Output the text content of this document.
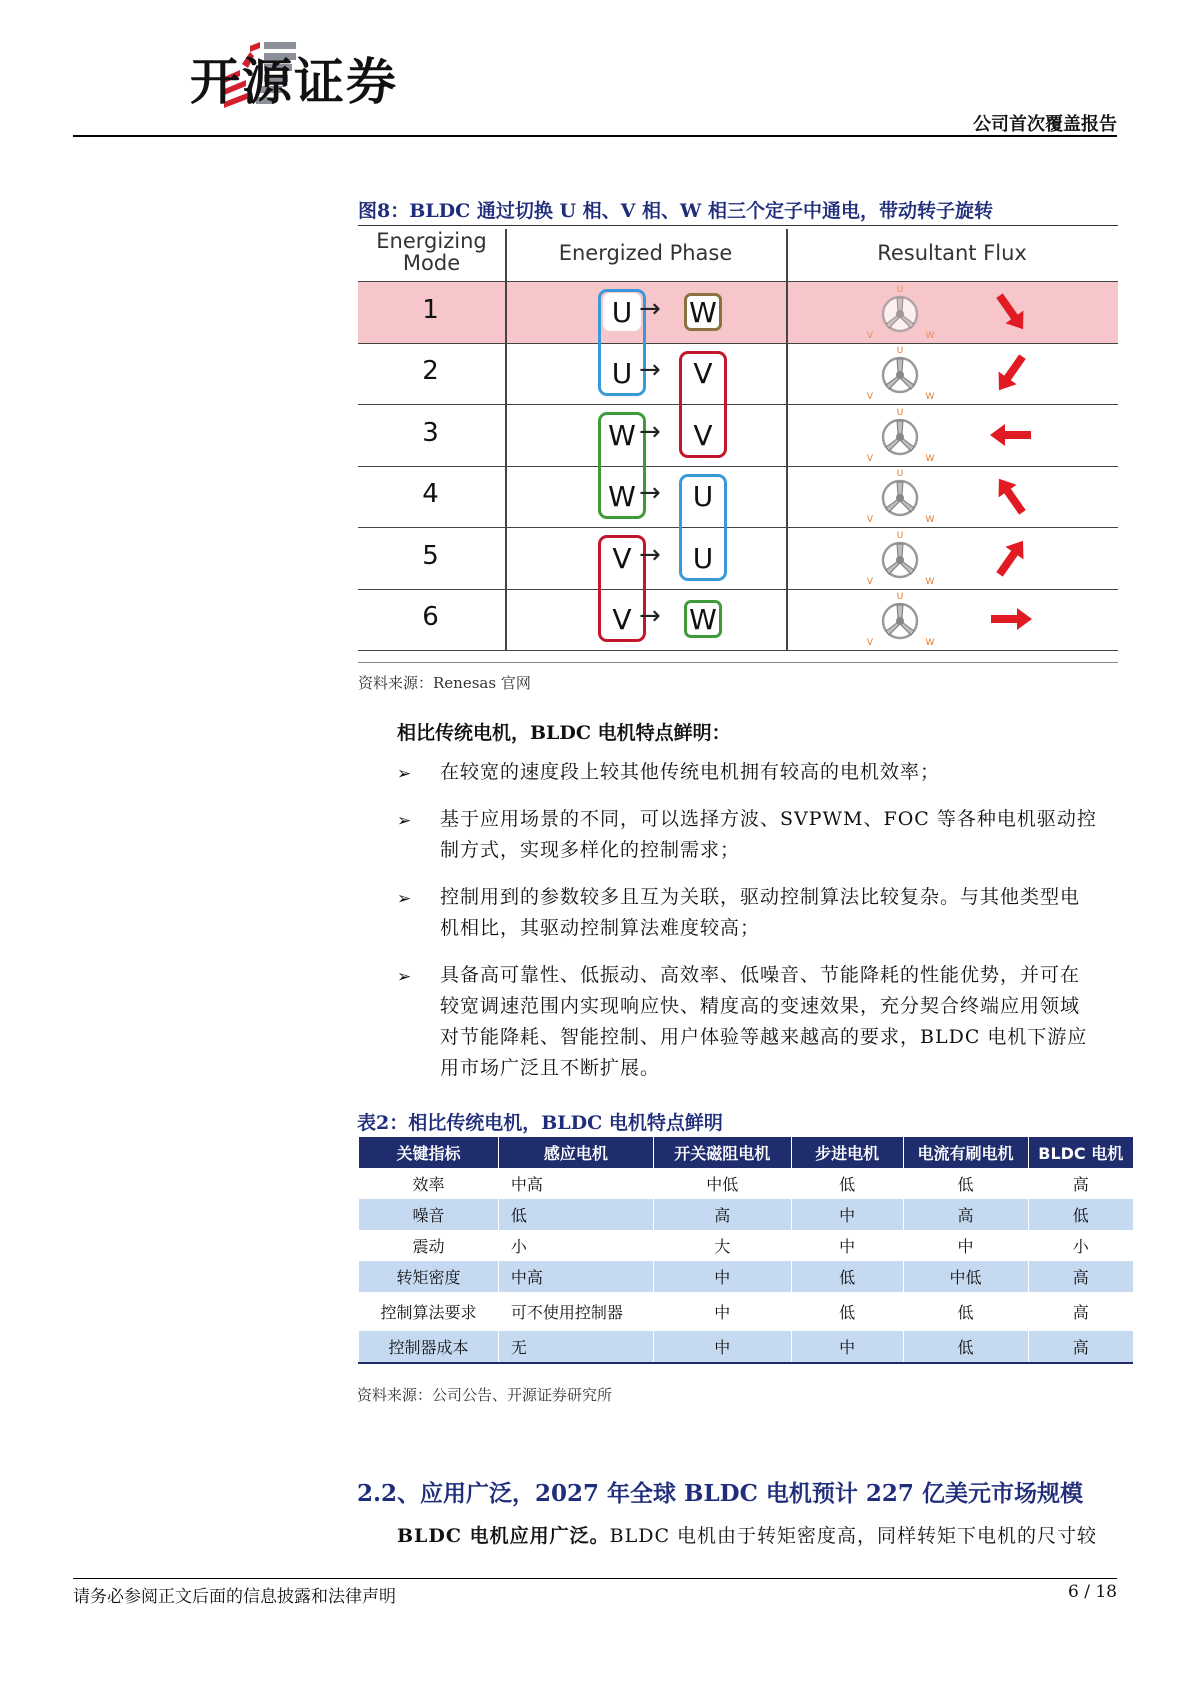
开源证券
公司首次覆盖报告
图8：BLDC 通过切换 U 相、V 相、W 相三个定子中通电，带动转子旋转
Energizing
Mode	Energized Phase	Resultant Flux
1	U → W
U
V	W
2	U →	V
U
V	W
3	W →	V
U
V	W
4	W →	U
U
V	W
5	V →	U
U
V	W
6	V → W
U
V	W
资料来源：Renesas 官网
相比传统电机，BLDC 电机特点鲜明：
➢ 在较宽的速度段上较其他传统电机拥有较高的电机效率；
➢ 基于应用场景的不同，可以选择方波、SVPWM、FOC 等各种电机驱动控
制方式，实现多样化的控制需求；
➢ 控制用到的参数较多且互为关联，驱动控制算法比较复杂。与其他类型电
机相比，其驱动控制算法难度较高；
➢ 具备高可靠性、低振动、高效率、低噪音、节能降耗的性能优势，并可在
较宽调速范围内实现响应快、精度高的变速效果，充分契合终端应用领域
对节能降耗、智能控制、用户体验等越来越高的要求，BLDC 电机下游应
用市场广泛且不断扩展。
表2：相比传统电机，BLDC 电机特点鲜明
关键指标	感应电机	开关磁阻电机	步进电机	电流有刷电机	BLDC 电机
效率	中高	中低	低	低	高
噪音	低	高	中	高	低
震动	小	大	中	中	小
转矩密度	中高	中	低	中低	高
控制算法要求	可不使用控制器	中	低	低	高
控制器成本	无	中	中	低	高
资料来源：公司公告、开源证券研究所
2.2、应用广泛，2027 年全球 BLDC 电机预计 227 亿美元市场规模
BLDC 电机应用广泛。BLDC 电机由于转矩密度高，同样转矩下电机的尺寸较
请务必参阅正文后面的信息披露和法律声明	6 / 18
